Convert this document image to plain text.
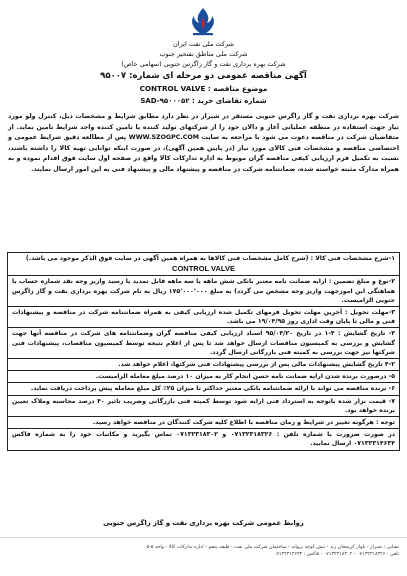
شرکت ملی نفت ایران
شرکت ملی مناطق نفتخیز جنوب
شرکت بهره برداری نفت و گاز زاگرس جنوبی (سهامی خاص)
آگهی مناقصه عمومی دو مرحله ای شماره: ۹۵۰۰۷
موضوع مناقصه : CONTROL VALVE
شماره تقاضای خرید : SAD-۹۵۰۰۰۵۲
شرکت بهره برداری نفت و گاز زاگرس جنوبی مستقر در شیراز در نظر دارد مطابق شرایط و مشخصات ذیل، کنترل ولو مورد نیاز جهت استفاده در منطقه عملیاتی آغار و دالان خود را از شرکتهای تولید کننده یا تامین کننده واجد شرایط تامین نماید. از متقاضیان شرکت در مناقصه دعوت می شود با مراجعه به سایت WWW.SZOGPC.COM پس از مطالعه دقیق شرایط عمومی و اختصاصی مناقصه و مشخصات فنی کالای مورد نیاز (در پایین همین آگهی)، در صورت اینکه توانایی تهیه کالا را داشته باشند، نسبت به تکمیل فرم ارزیابی کیفی مناقصه گران موبوط به اداره تدارکات کالا واقع در صفحه اول سایت فوق اقدام نموده و به همراه مدارک مثبته خواسته شده، ضمانتنامه شرکت در مناقصه و پیشنهاد مالی و پیشنهاد فنی به این امور ارسال نمایند.
۱-شرح مشخصات فنی کالا : (شرح کامل مشخصات فنی کالاها به همراه همین آگهی در سایت فوق الذکر موجود می باشد.)
CONTROL VALVE
۲-نوع و مبلغ تضمین : ارایه ضمانت نامه معتبر بانکی شش ماهه یا سه ماهه قابل تمدید یا رسید واریز وجه نقد شماره حساب یا هماهنگی این امورجهت واریز وجه مشخص می گردد) به مبلغ ۱۷۵٬۰۰۰٬۰۰۰ ریال به نام شرکت بهره برداری نفت و گاز زاگرس جنوبی الزامیست.
۳-مهلت تحویل : آخرین مهلت تحویل فرمهای تکمیل شده ارزیابی کیفی به همراه ضمانتنامه شرکت در مناقصه و پیشنهادات فنی و مالی تا پایان وقت اداری روز ۱۹/۰۴/۹۵ می باشد.
۴- تاریخ گشایش : ۴-۱ در تاریخ ۹۵/۰۴/۲۰ اسناد ارزیابی کیفی مناقصه گران وضمانتنامه های شرکت در مناقصه آنها جهت گشایش و بررسی به کمیسیون مناقصات ارسال خواهد شد تا پس از اعلام نتیجه توسط کمیسیون مناقصات، پیشنهادات فنی شرکتها نیز جهت بررسی به کمیته فنی بازرگانی ارسال گردد.
۴-۲ تاریخ گشایش پیشنهادات مالی پس از بررسی پیشنهادات فنی شرکتها، اعلام خواهد شد.
۵- درصورت برنده شدن ارایه ضمانت نامه حسن انجام کار به میزان ۱۰ درصد مبلغ معامله الزامیست.
۶- برنده مناقصه می تواند با ارائه ضمانتنامه بانکی معتبر حداکثر تا میزان ۲۵٪ کل مبلغ معامله پیش پرداخت دریافت نماید.
۷- قیمت نزار شده بانوجه به استرداد فنی ارایه شود توسط کمیته فنی بازرگانی وضریب تاثیر ۴۰ درصد محاسبه وملاک تعیین برنده خواهد بود.
توجه : هرگونه تغییر در شرایط و زمان مناقصه با اطلاع کلیه شرکت کنندگان در مناقصه خواهد رسید.
در صورت ضرورت با شماره تلفن : ۰۷۱۳۲۳۱۸۳۲۶ و ۰۷۱۳۲۳۱۸۳۰۲ تماس بگیرید و مکاتبات خود را به شماره فاکس ۰۷۱۳۲۳۱۴۶۳۴ ارسال نمایید.
روابط عمومی شرکت بهره برداری نفت و گاز زاگرس جنوبی
نشانی : شیراز - بلوار کریمخان زند - نبش کوچه پروانه - ساختمان شرکت ملی نفت - طبقه پنجم - اداره تدارکات کالا - واحد ۵-۵
تلفن : ۰۷۱۳۲۳۱۸۳۲۶ - ۰۷۱۳۲۳۱۸۳۰۲ - فاکس : ۰۷۱۳۲۳۱۴۶۳۴
